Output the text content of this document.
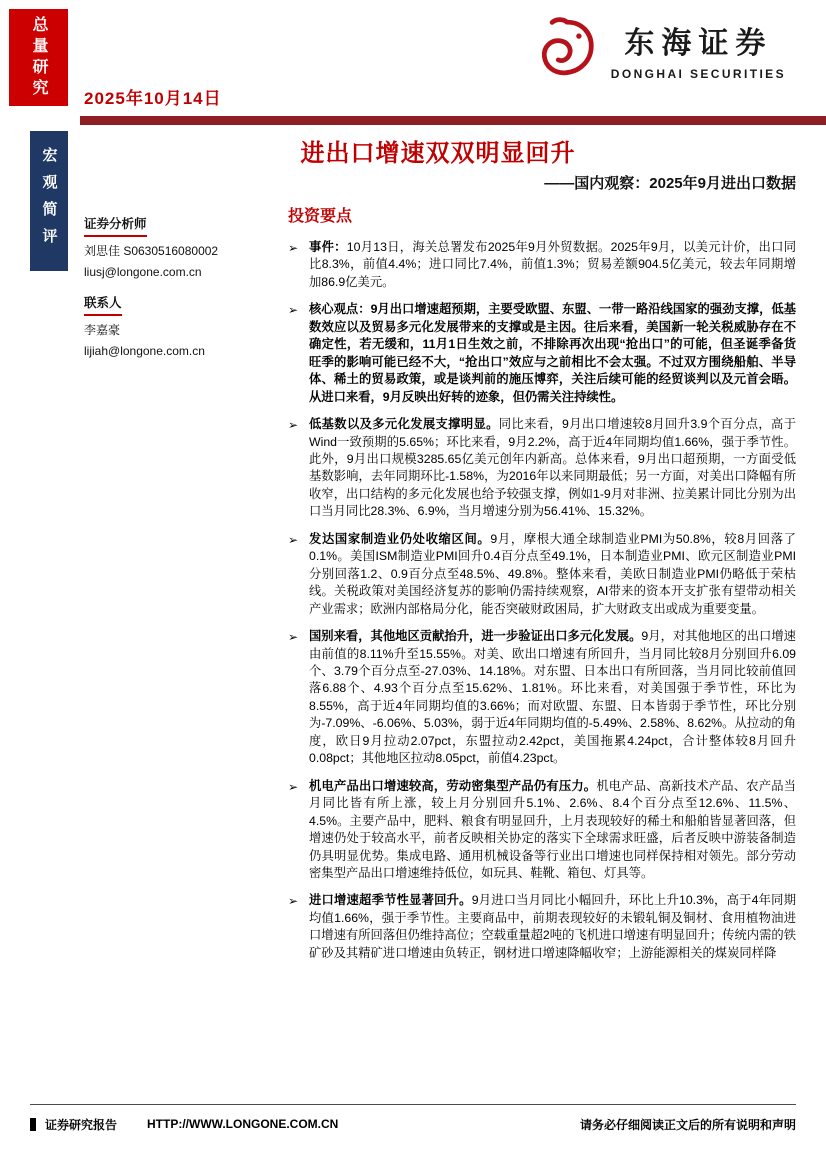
总量研究 2025年10月14日
东海证券
DONGHAI SECURITIES
进出口增速双双明显回升
——国内观察：2025年9月进出口数据
宏观简评 证券分析师
刘思佳 S0630516080002
liusj@longone.com.cn
联系人
李嘉豪
lijiah@longone.com.cn
投资要点
➢ 事件：10月13日，海关总署发布2025年9月外贸数据。2025年9月，以美元计价，出口同比8.3%，前值4.4%；进口同比7.4%，前值1.3%；贸易差额904.5亿美元，较去年同期增加86.9亿美元。
➢ 核心观点：9月出口增速超预期，主要受欧盟、东盟、一带一路沿线国家的强劲支撑，低基数效应以及贸易多元化发展带来的支撑或是主因。往后来看，美国新一轮关税威胁存在不确定性，若无缓和，11月1日生效之前，不排除再次出现“抢出口”的可能，但圣诞季备货旺季的影响可能已经不大，“抢出口”效应与之前相比不会太强。不过双方围绕船舶、半导体、稀土的贸易政策，或是谈判前的施压博弈，关注后续可能的经贸谈判以及元首会晤。从进口来看，9月反映出好转的迹象，但仍需关注持续性。
➢ 低基数以及多元化发展支撑明显。同比来看，9月出口增速较8月回升3.9个百分点，高于Wind一致预期的5.65%；环比来看，9月2.2%，高于近4年同期均值1.66%，强于季节性。此外，9月出口规模3285.65亿美元创年内新高。总体来看，9月出口超预期，一方面受低基数影响，去年同期环比-1.58%，为2016年以来同期最低；另一方面，对美出口降幅有所收窄，出口结构的多元化发展也给予较强支撑，例如1-9月对非洲、拉美累计同比分别为出口当月同比28.3%、6.9%，当月增速分别为56.41%、15.32%。
➢ 发达国家制造业仍处收缩区间。9月，摩根大通全球制造业PMI为50.8%，较8月回落了0.1%。美国ISM制造业PMI回升0.4百分点至49.1%，日本制造业PMI、欧元区制造业PMI分别回落1.2、0.9百分点至48.5%、49.8%。整体来看，美欧日制造业PMI仍略低于荣枯线。关税政策对美国经济复苏的影响仍需持续观察，AI带来的资本开支扩张有望带动相关产业需求；欧洲内部格局分化，能否突破财政困局，扩大财政支出或成为重要变量。
➢ 国别来看，其他地区贡献抬升，进一步验证出口多元化发展。9月，对其他地区的出口增速由前值的8.11%升至15.55%。对美、欧出口增速有所回升，当月同比较8月分别回升6.09个、3.79个百分点至-27.03%、14.18%。对东盟、日本出口有所回落，当月同比较前值回落6.88个、4.93个百分点至15.62%、1.81%。环比来看，对美国强于季节性，环比为8.55%，高于近4年同期均值的3.66%；而对欧盟、东盟、日本皆弱于季节性，环比分别为-7.09%、-6.06%、5.03%，弱于近4年同期均值的-5.49%、2.58%、8.62%。从拉动的角度，欧日9月拉动2.07pct，东盟拉动2.42pct，美国拖累4.24pct，合计整体较8月回升0.08pct；其他地区拉动8.05pct，前值4.23pct。
➢ 机电产品出口增速较高，劳动密集型产品仍有压力。机电产品、高新技术产品、农产品当月同比皆有所上涨，较上月分别回升5.1%、2.6%、8.4个百分点至12.6%、11.5%、4.5%。主要产品中，肥料、粮食有明显回升，上月表现较好的稀土和船舶皆显著回落，但增速仍处于较高水平，前者反映相关协定的落实下全球需求旺盛，后者反映中游装备制造仍具明显优势。集成电路、通用机械设备等行业出口增速也同样保持相对领先。部分劳动密集型产品出口增速维持低位，如玩具、鞋靴、箱包、灯具等。
➢ 进口增速超季节性显著回升。9月进口当月同比小幅回升，环比上升10.3%，高于4年同期均值1.66%，强于季节性。主要商品中，前期表现较好的未锻轧铜及铜材、食用植物油进口增速有所回落但仍维持高位；空载重量超2吨的飞机进口增速有明显回升；传统内需的铁矿砂及其精矿进口增速由负转正，钢材进口增速降幅收窄；上游能源相关的煤炭同样降
证券研究报告	HTTP://WWW.LONGONE.COM.CN	请务必仔细阅读正文后的所有说明和声明
